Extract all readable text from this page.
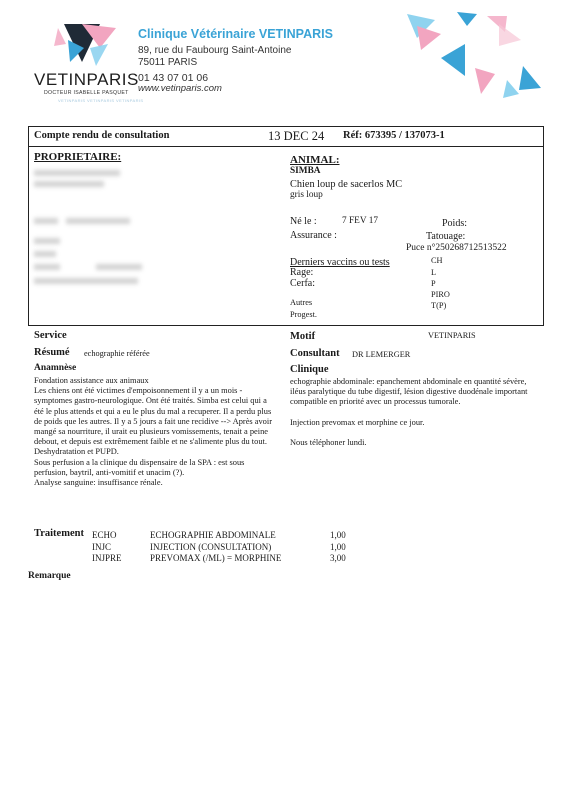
VETINPARIS
DOCTEUR ISABELLE PASQUET
VETINPARIS VETINPARIS VETINPARIS
Clinique Vétérinaire VETINPARIS
89, rue du Faubourg Saint-Antoine
75011 PARIS
01 43 07 01 06
www.vetinparis.com
Compte rendu de consultation	13 DEC 24 Réf: 673395 / 137073-1
PROPRIETAIRE:	ANIMAL:
SIMBA
Chien loup de sacerlos MC
gris loup
Né le :	7 FEV 17	Poids:
Assurance :	Tatouage:
Puce n°250268712513522
Derniers vaccins ou tests
Rage:
Cerfa:
Autres
Progest.
CH
L
P
PIRO
T(P)
Service
Résumé echographie référée
Anamnèse
Fondation assistance aux animaux
Les chiens ont été victimes d'empoisonnement il y a un mois -
symptomes gastro-neurologique. Ont été traités. Simba est celui qui a
été le plus attends et qui a eu le plus du mal a recuperer. Il a perdu plus
de poids que les autres. Il y a 5 jours a fait une recidive --> Après avoir
mangé sa nourriture, il urait eu plusieurs vomissements, tenait a peine
debout, et depuis est extrêmement faible et ne s'alimente plus du tout.
Deshydratation et PUPD.
Sous perfusion a la clinique du dispensaire de la SPA : est sous
perfusion, baytril, anti-vomitif et unacim (?).
Analyse sanguine: insuffisance rénale.
Motif	VETINPARIS
Consultant DR LEMERGER
Clinique
echographie abdominale: epanchement abdominale en quantité sévère,
iléus paralytique du tube digestif, lésion digestive duodénale important
compatible en priorité avec un processus tumorale.
Injection prevomax et morphine ce jour.
Nous téléphoner lundi.
Traitement ECHO	ECHOGRAPHIE ABDOMINALE	1,00
INJC	INJECTION (CONSULTATION)	1,00
INJPRE	PREVOMAX (/ML) = MORPHINE	3,00
Remarque
